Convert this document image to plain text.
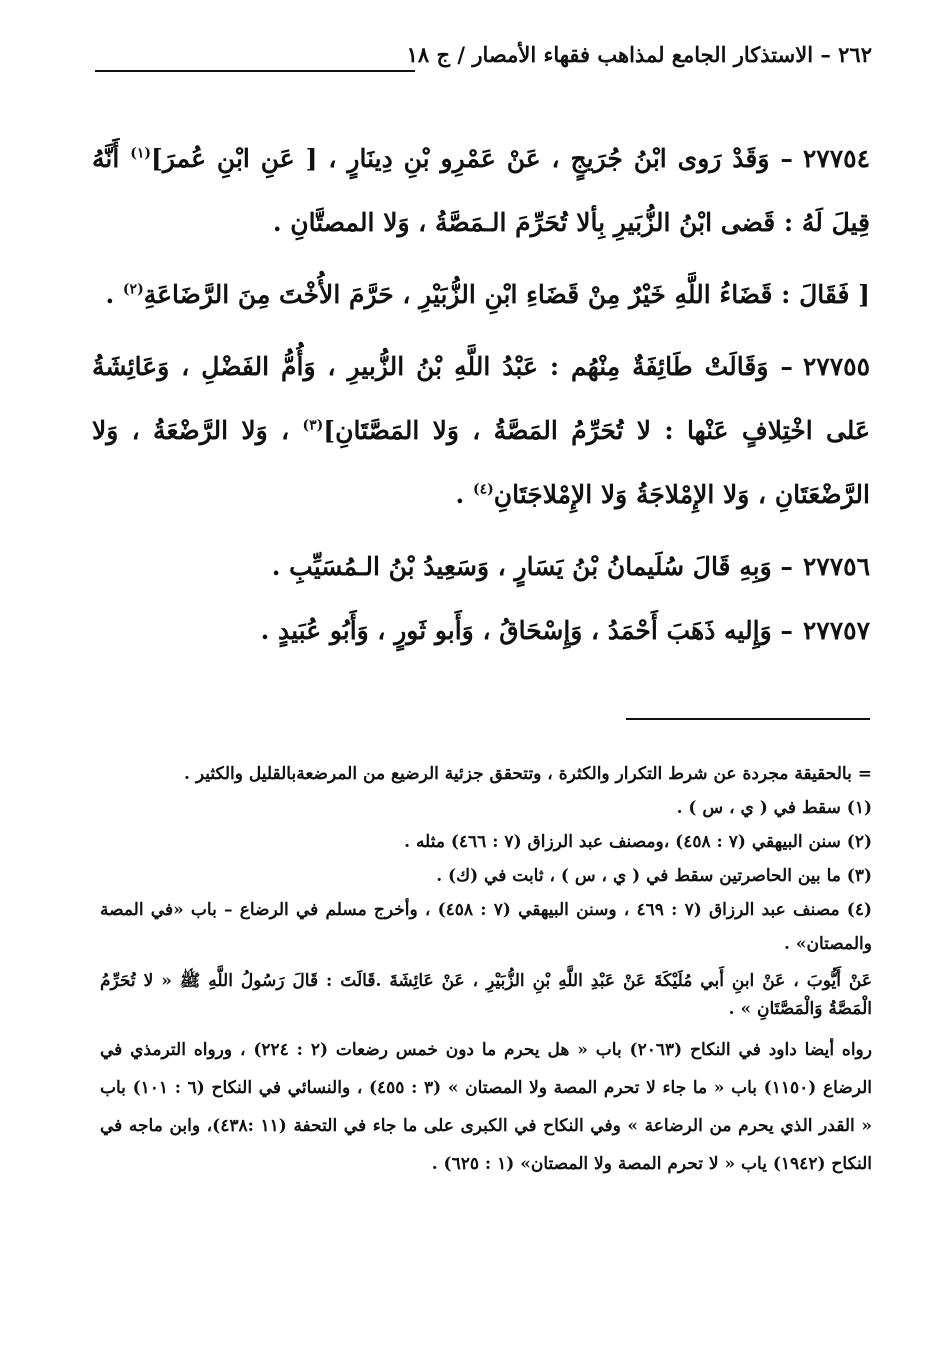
٢٦٢ – الاستذكار الجامع لمذاهب فقهاء الأمصار / ج ١٨

٢٧٧٥٤– وَقَدْ رَوى ابْنُ جُرَيجٍ ، عَنْ عَمْرِو بْنِ دِينَارٍ ، [ عَنِ ابْنِ عُمرَ]$^{(١)}$ أَنَّهُ قِيلَ لَهُ : قَضى ابْنُ الزُّبَيرِ بِألا تُحَرِّمَ الـمَصَّةُ ، وَلا المصتَّانِ .

[ فَقَالَ : قَضَاءُ اللَّهِ خَيْرٌ مِنْ قَضَاءِ ابْنِ الزُّبَيْرِ ، حَرَّمَ الأُخْتَ مِنَ الرَّضَاعَةِ$^{(٢)}$ .

٢٧٧٥٥– وَقَالَتْ طَائِفَةٌ مِنْهُم : عَبْدُ اللَّهِ بْنُ الزُّبيرِ ، وَأُمُّ الفَضْلِ ، وَعَائِشَةُ عَلى اخْتِلافٍ عَنْها : لا تُحَرِّمُ المَصَّةُ ، وَلا المَصَّتَانِ]$^{(٣)}$ ، وَلا الرَّضْعَةُ ، وَلا الرَّضْعَتَانِ ، وَلا الإِمْلاجَةُ وَلا الإِمْلاجَتَانِ$^{(٤)}$ .

٢٧٧٥٦– وَبِهِ قَالَ سُلَيمانُ بْنُ يَسَارٍ ، وَسَعِيدُ بْنُ الـمُسَيِّبِ .

٢٧٧٥٧– وَإِليه ذَهَبَ أَحْمَدُ ، وَإِسْحَاقُ ، وَأَبو ثَورٍ ، وَأَبُو عُبَيدٍ .

= بالحقيقة مجردة عن شرط التكرار والكثرة ، وتتحقق جزئية الرضيع من المرضعةبالقليل والكثير .

(١) سقط في ( ي ، س ) .

(٢) سنن البيهقي (٧ : ٤٥٨) ،ومصنف عبد الرزاق (٧ : ٤٦٦) مثله .

(٣) ما بين الحاصرتين سقط في ( ي ، س ) ، ثابت في (ك) .

(٤) مصنف عبد الرزاق (٧ : ٤٦٩ ، وسنن البيهقي (٧ : ٤٥٨) ، وأخرج مسلم في الرضاع – باب «في المصة والمصتان» .

عَنْ أَيُّوبَ ، عَنْ ابنِ أَبي مُلَيْكَةَ عَنْ عَبْدِ اللَّهِ بْنِ الزُّبَيْرِ ، عَنْ عَائِشَةَ .قَالَتَ : قَالَ رَسُولُ اللَّهِ ﷺ « لا تُحَرِّمُ الْمَصَّةُ وَالْمَصَّتَانِ » .

رواه أيضا داود في النكاح (٢٠٦٣) باب « هل يحرم ما دون خمس رضعات (٢ : ٢٢٤) ، ورواه الترمذي في الرضاع (١١٥٠) باب « ما جاء لا تحرم المصة ولا المصتان » (٣ : ٤٥٥) ، والنسائي في النكاح (٦ : ١٠١) باب « القدر الذي يحرم من الرضاعة » وفي النكاح في الكبرى على ما جاء في التحفة (١١ :٤٣٨)، وابن ماجه في النكاح (١٩٤٢) ياب « لا تحرم المصة ولا المصتان» (١ : ٦٢٥) .
